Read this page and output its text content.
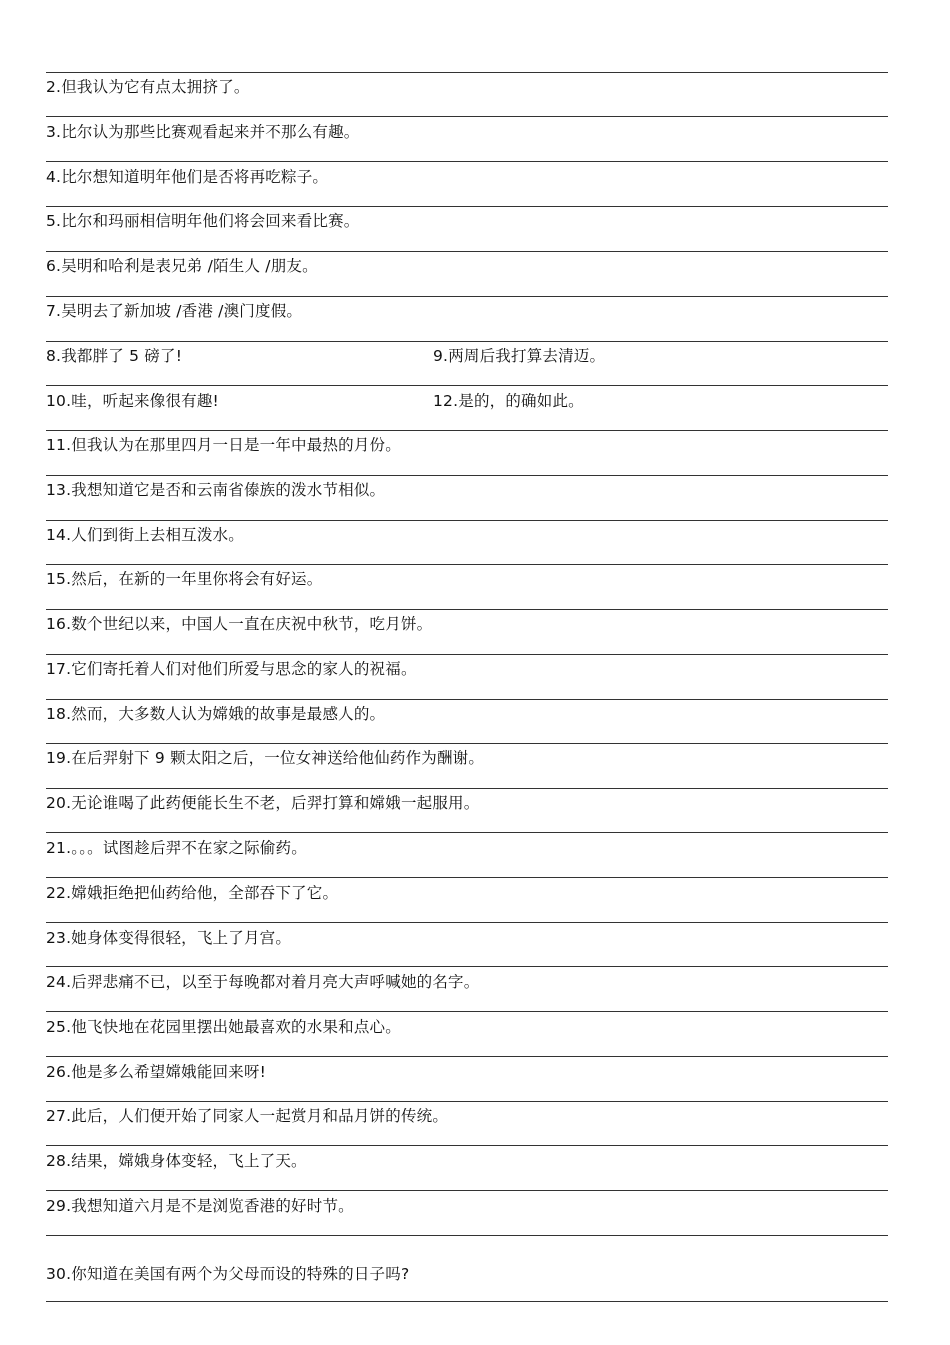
2.但我认为它有点太拥挤了。
3.比尔认为那些比赛观看起来并不那么有趣。
4.比尔想知道明年他们是否将再吃粽子。
5.比尔和玛丽相信明年他们将会回来看比赛。
6.吴明和哈利是表兄弟 /陌生人 /朋友。
7.吴明去了新加坡 /香港 /澳门度假。
8.我都胖了 5 磅了!	9.两周后我打算去清迈。
10.哇，听起来像很有趣!	12.是的，的确如此。
11.但我认为在那里四月一日是一年中最热的月份。
13.我想知道它是否和云南省傣族的泼水节相似。
14.人们到街上去相互泼水。
15.然后，在新的一年里你将会有好运。
16.数个世纪以来，中国人一直在庆祝中秋节，吃月饼。
17.它们寄托着人们对他们所爱与思念的家人的祝福。
18.然而，大多数人认为嫦娥的故事是最感人的。
19.在后羿射下 9 颗太阳之后，一位女神送给他仙药作为酬谢。
20.无论谁喝了此药便能长生不老，后羿打算和嫦娥一起服用。
21.。。。试图趁后羿不在家之际偷药。
22.嫦娥拒绝把仙药给他，全部吞下了它。
23.她身体变得很轻，飞上了月宫。
24.后羿悲痛不已，以至于每晚都对着月亮大声呼喊她的名字。
25.他飞快地在花园里摆出她最喜欢的水果和点心。
26.他是多么希望嫦娥能回来呀!
27.此后，人们便开始了同家人一起赏月和品月饼的传统。
28.结果，嫦娥身体变轻，飞上了天。
29.我想知道六月是不是浏览香港的好时节。
30.你知道在美国有两个为父母而设的特殊的日子吗?
